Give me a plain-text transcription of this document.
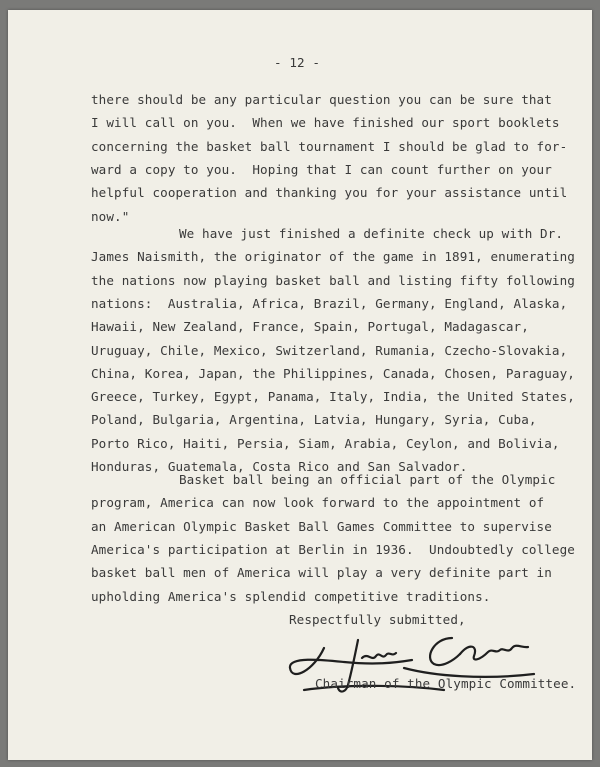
- 12 -
there should be any particular question you can be sure that
I will call on you.  When we have finished our sport booklets
concerning the basket ball tournament I should be glad to for-
ward a copy to you.  Hoping that I can count further on your
helpful cooperation and thanking you for your assistance until
now."
We have just finished a definite check up with Dr.
James Naismith, the originator of the game in 1891, enumerating
the nations now playing basket ball and listing fifty following
nations:  Australia, Africa, Brazil, Germany, England, Alaska,
Hawaii, New Zealand, France, Spain, Portugal, Madagascar,
Uruguay, Chile, Mexico, Switzerland, Rumania, Czecho-Slovakia,
China, Korea, Japan, the Philippines, Canada, Chosen, Paraguay,
Greece, Turkey, Egypt, Panama, Italy, India, the United States,
Poland, Bulgaria, Argentina, Latvia, Hungary, Syria, Cuba,
Porto Rico, Haiti, Persia, Siam, Arabia, Ceylon, and Bolivia,
Honduras, Guatemala, Costa Rico and San Salvador.
Basket ball being an official part of the Olympic
program, America can now look forward to the appointment of
an American Olympic Basket Ball Games Committee to supervise
America's participation at Berlin in 1936.  Undoubtedly college
basket ball men of America will play a very definite part in
upholding America's splendid competitive traditions.
Respectfully submitted,
Chairman of the Olympic Committee.
